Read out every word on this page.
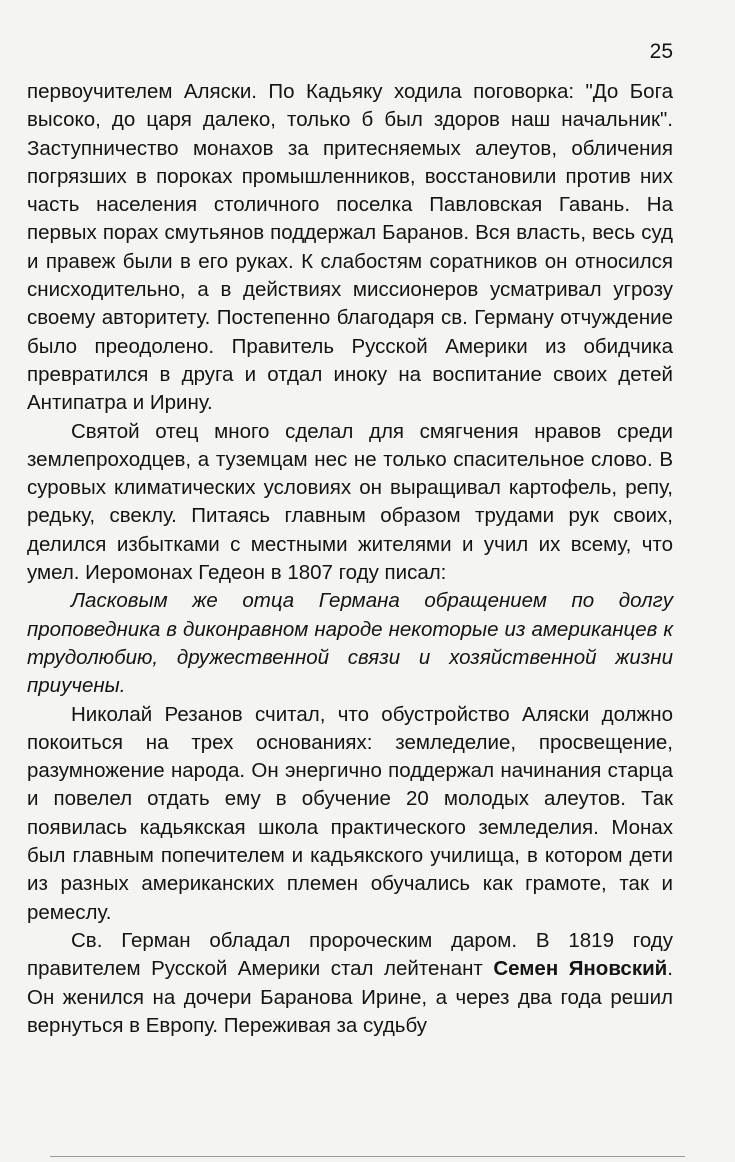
25

первоучителем Аляски. По Кадьяку ходила поговорка: "До Бога высоко, до царя далеко, только б был здоров наш начальник". Заступничество монахов за притесняемых алеутов, обличения погрязших в пороках промышленников, восстановили против них часть населения столичного поселка Павловская Гавань. На первых порах смутьянов поддержал Баранов. Вся власть, весь суд и правеж были в его руках. К слабостям соратников он относился снисходительно, а в действиях миссионеров усматривал угрозу своему авторитету. Постепенно благодаря св. Герману отчуждение было преодолено. Правитель Русской Америки из обидчика превратился в друга и отдал иноку на воспитание своих детей Антипатра и Ирину.

Святой отец много сделал для смягчения нравов среди землепроходцев, а туземцам нес не только спасительное слово. В суровых климатических условиях он выращивал картофель, репу, редьку, свеклу. Питаясь главным образом трудами рук своих, делился избытками с местными жителями и учил их всему, что умел. Иеромонах Гедеон в 1807 году писал:

Ласковым же отца Германа обращением по долгу проповедника в диконравном народе некоторые из американцев к трудолюбию, дружественной связи и хозяйственной жизни приучены.

Николай Резанов считал, что обустройство Аляски должно покоиться на трех основаниях: земледелие, просвещение, разумножение народа. Он энергично поддержал начинания старца и повелел отдать ему в обучение 20 молодых алеутов. Так появилась кадьякская школа практического земледелия. Монах был главным попечителем и кадьякского училища, в котором дети из разных американских племен обучались как грамоте, так и ремеслу.

Св. Герман обладал пророческим даром. В 1819 году правителем Русской Америки стал лейтенант Семен Яновский. Он женился на дочери Баранова Ирине, а через два года решил вернуться в Европу. Переживая за судьбу
